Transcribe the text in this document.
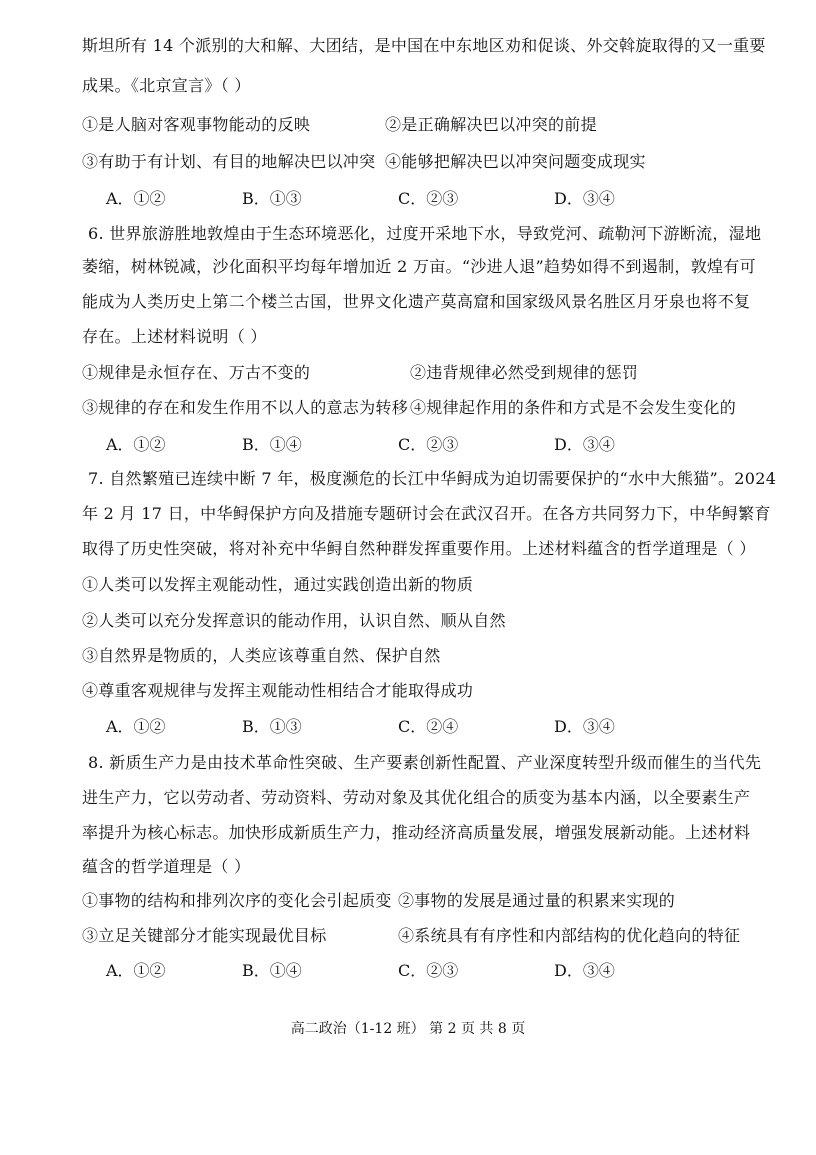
斯坦所有 14 个派别的大和解、大团结，是中国在中东地区劝和促谈、外交斡旋取得的又一重要
成果。《北京宣言》（ ）
①是人脑对客观事物能动的反映	②是正确解决巴以冲突的前提
③有助于有计划、有目的地解决巴以冲突 ④能够把解决巴以冲突问题变成现实
A．①②	B．①③	C．②③	D．③④
6. 世界旅游胜地敦煌由于生态环境恶化，过度开采地下水，导致党河、疏勒河下游断流，湿地
萎缩，树林锐减，沙化面积平均每年增加近 2 万亩。“沙进人退”趋势如得不到遏制，敦煌有可
能成为人类历史上第二个楼兰古国，世界文化遗产莫高窟和国家级风景名胜区月牙泉也将不复
存在。上述材料说明（ ）
①规律是永恒存在、万古不变的	②违背规律必然受到规律的惩罚
③规律的存在和发生作用不以人的意志为转移 ④规律起作用的条件和方式是不会发生变化的
A．①②	B．①④	C．②③	D．③④
7. 自然繁殖已连续中断 7 年，极度濒危的长江中华鲟成为迫切需要保护的“水中大熊猫”。2024
年 2 月 17 日，中华鲟保护方向及措施专题研讨会在武汉召开。在各方共同努力下，中华鲟繁育
取得了历史性突破，将对补充中华鲟自然种群发挥重要作用。上述材料蕴含的哲学道理是（ ）
①人类可以发挥主观能动性，通过实践创造出新的物质
②人类可以充分发挥意识的能动作用，认识自然、顺从自然
③自然界是物质的，人类应该尊重自然、保护自然
④尊重客观规律与发挥主观能动性相结合才能取得成功
A．①②	B．①③	C．②④	D．③④
8. 新质生产力是由技术革命性突破、生产要素创新性配置、产业深度转型升级而催生的当代先
进生产力，它以劳动者、劳动资料、劳动对象及其优化组合的质变为基本内涵，以全要素生产
率提升为核心标志。加快形成新质生产力，推动经济高质量发展，增强发展新动能。上述材料
蕴含的哲学道理是（ ）
①事物的结构和排列次序的变化会引起质变 ②事物的发展是通过量的积累来实现的
③立足关键部分才能实现最优目标	④系统具有有序性和内部结构的优化趋向的特征
A．①②	B．①④	C．②③	D．③④
高二政治（1-12 班） 第 2 页 共 8 页
